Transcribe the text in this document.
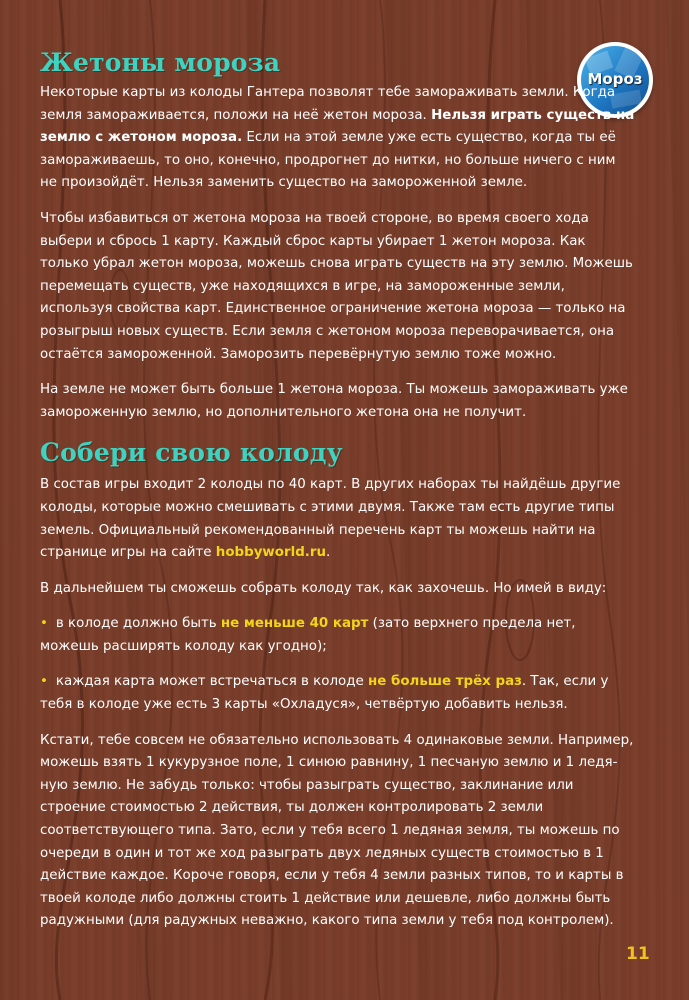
Мороз
Жетоны мороза

Некоторые карты из колоды Гантера позволят тебе замораживать земли. Когда земля замораживается, положи на неё жетон мороза. Нельзя играть существ на землю с жетоном мороза. Если на этой земле уже есть существо, когда ты её замораживаешь, то оно, конечно, продрогнет до нитки, но больше ничего с ним не произойдёт. Нельзя заменить существо на замороженной земле.

Чтобы избавиться от жетона мороза на твоей стороне, во время своего хода выбери и сбрось 1 карту. Каждый сброс карты убирает 1 жетон мороза. Как только убрал жетон мороза, можешь снова играть существ на эту землю. Можешь перемещать существ, уже находящихся в игре, на замороженные земли, используя свойства карт. Единственное ограничение жетона мороза — только на розыгрыш новых существ. Если земля с жетоном мороза переворачивается, она остаётся замороженной. Заморозить перевёрнутую землю тоже можно.

На земле не может быть больше 1 жетона мороза. Ты можешь замораживать уже замороженную землю, но дополнительного жетона она не получит.

Собери свою колоду

В состав игры входит 2 колоды по 40 карт. В других наборах ты найдёшь другие колоды, которые можно смешивать с этими двумя. Также там есть другие типы земель. Официальный рекомендованный перечень карт ты можешь найти на странице игры на сайте hobbyworld.ru.

В дальнейшем ты сможешь собрать колоду так, как захочешь. Но имей в виду:

• в колоде должно быть не меньше 40 карт (зато верхнего предела нет, можешь расширять колоду как угодно);

• каждая карта может встречаться в колоде не больше трёх раз. Так, если у тебя в колоде уже есть 3 карты «Охладуся», четвёртую добавить нельзя.

Кстати, тебе совсем не обязательно использовать 4 одинаковые земли. Например, можешь взять 1 кукурузное поле, 1 синюю равнину, 1 песчаную землю и 1 ледяную землю. Не забудь только: чтобы разыграть существо, заклинание или строение стоимостью 2 действия, ты должен контролировать 2 земли соответствующего типа. Зато, если у тебя всего 1 ледяная земля, ты можешь по очереди в один и тот же ход разыграть двух ледяных существ стоимостью в 1 действие каждое. Короче говоря, если у тебя 4 земли разных типов, то и карты в твоей колоде либо должны стоить 1 действие или дешевле, либо должны быть радужными (для радужных неважно, какого типа земли у тебя под контролем).

11
